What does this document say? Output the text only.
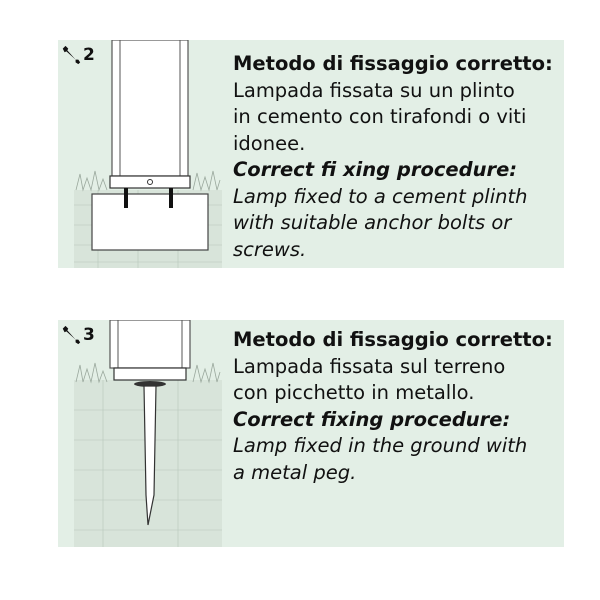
2	Metodo di fissaggio corretto:
Lampada fissata su un plinto
in cemento con tirafondi o viti
idonee.
Correct fi xing procedure:
Lamp fixed to a cement plinth
with suitable anchor bolts or
screws.
3	Metodo di fissaggio corretto:
Lampada fissata sul terreno
con picchetto in metallo.
Correct fixing procedure:
Lamp fixed in the ground with
a metal peg.
